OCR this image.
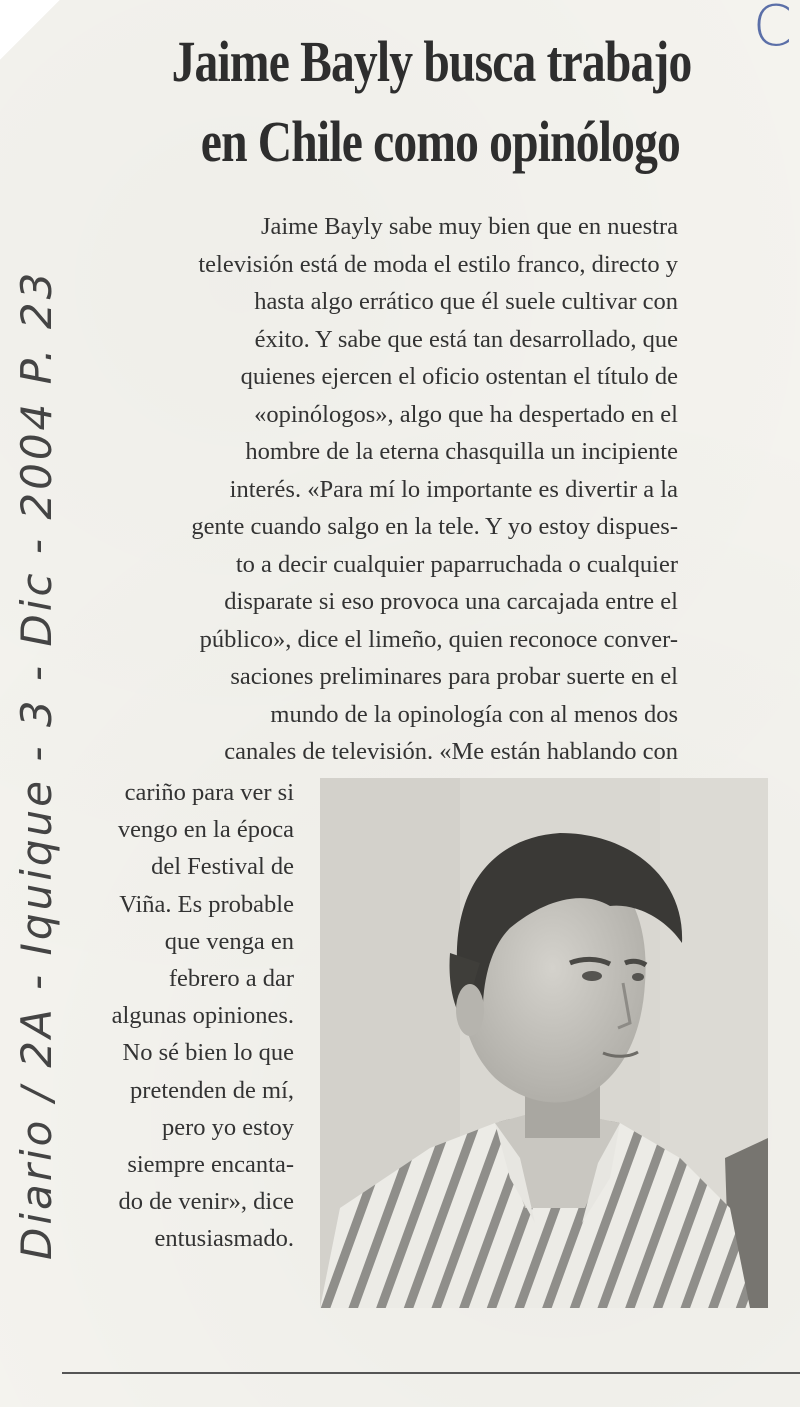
C
Diario / 2A - Iquique - 3 - Dic - 2004 P. 23
Jaime Bayly busca trabajo
en Chile como opinólogo
Jaime Bayly sabe muy bien que en nuestra
televisión está de moda el estilo franco, directo y
hasta algo errático que él suele cultivar con
éxito. Y sabe que está tan desarrollado, que
quienes ejercen el oficio ostentan el título de
«opinólogos», algo que ha despertado en el
hombre de la eterna chasquilla un incipiente
interés. «Para mí lo importante es divertir a la
gente cuando salgo en la tele. Y yo estoy dispues-
to a decir cualquier paparruchada o cualquier
disparate si eso provoca una carcajada entre el
público», dice el limeño, quien reconoce conver-
saciones preliminares para probar suerte en el
mundo de la opinología con al menos dos
canales de televisión. «Me están hablando con
cariño para ver si
vengo en la época
del Festival de
Viña. Es probable
que venga en
febrero a dar
algunas opiniones.
No sé bien lo que
pretenden de mí,
pero yo estoy
siempre encanta-
do de venir», dice
entusiasmado.
